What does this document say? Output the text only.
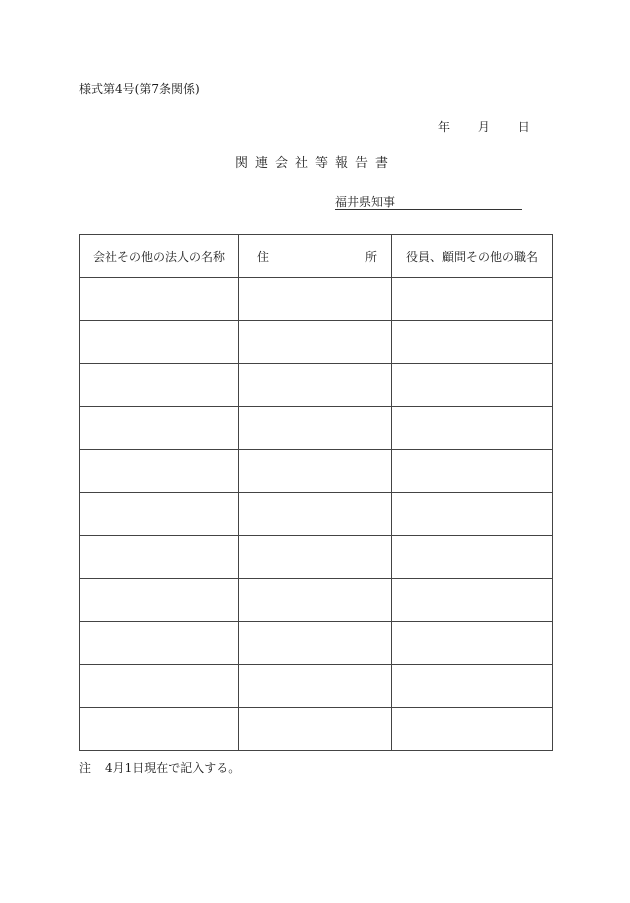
様式第4号(第7条関係)
年 月 日
関連会社等報告書
福井県知事
会社その他の法人の名称	住 所	役員、顧問その他の職名

注 4月1日現在で記入する。
